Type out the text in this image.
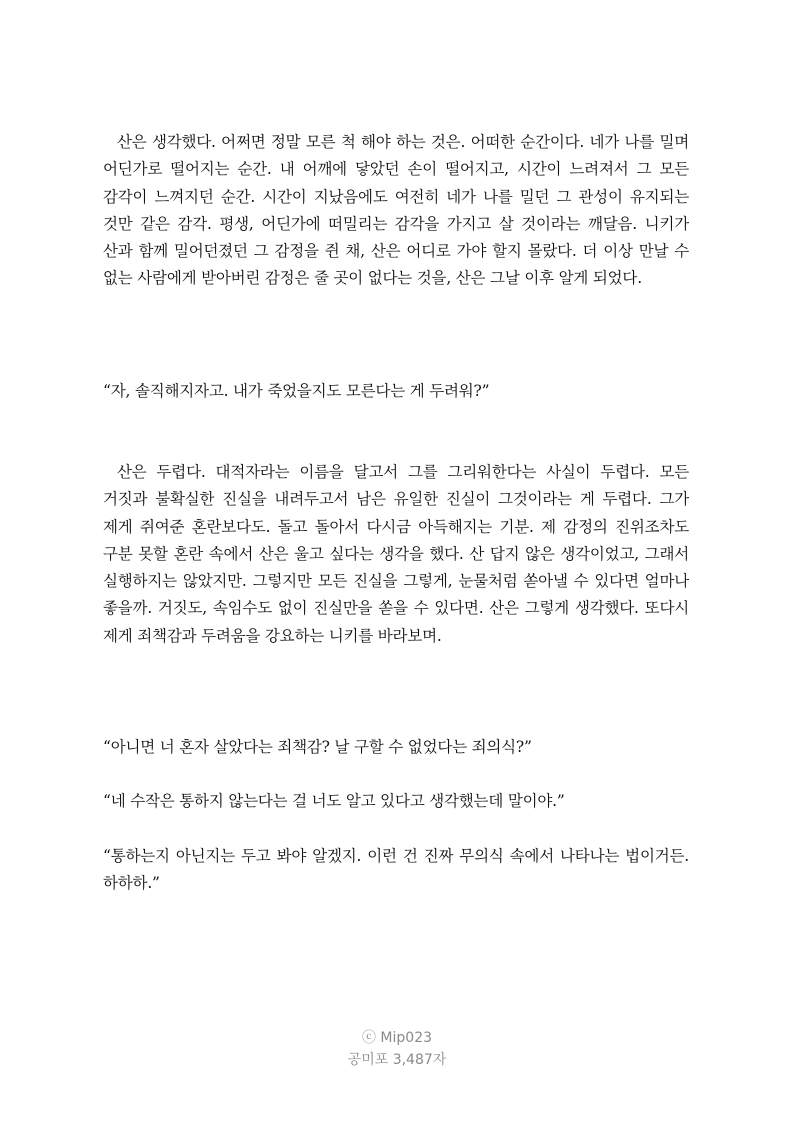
산은 생각했다. 어쩌면 정말 모른 척 해야 하는 것은. 어떠한 순간이다. 네가 나를 밀며 어딘가로 떨어지는 순간. 내 어깨에 닿았던 손이 떨어지고, 시간이 느려져서 그 모든 감각이 느껴지던 순간. 시간이 지났음에도 여전히 네가 나를 밀던 그 관성이 유지되는 것만 같은 감각. 평생, 어딘가에 떠밀리는 감각을 가지고 살 것이라는 깨달음. 니키가 산과 함께 밀어던졌던 그 감정을 쥔 채, 산은 어디로 가야 할지 몰랐다. 더 이상 만날 수 없는 사람에게 받아버린 감정은 줄 곳이 없다는 것을, 산은 그날 이후 알게 되었다.

“자, 솔직해지자고. 내가 죽었을지도 모른다는 게 두려워?”

산은 두렵다. 대적자라는 이름을 달고서 그를 그리워한다는 사실이 두렵다. 모든 거짓과 불확실한 진실을 내려두고서 남은 유일한 진실이 그것이라는 게 두렵다. 그가 제게 쥐여준 혼란보다도. 돌고 돌아서 다시금 아득해지는 기분. 제 감정의 진위조차도 구분 못할 혼란 속에서 산은 울고 싶다는 생각을 했다. 산 답지 않은 생각이었고, 그래서 실행하지는 않았지만. 그렇지만 모든 진실을 그렇게, 눈물처럼 쏟아낼 수 있다면 얼마나 좋을까. 거짓도, 속임수도 없이 진실만을 쏟을 수 있다면. 산은 그렇게 생각했다. 또다시 제게 죄책감과 두려움을 강요하는 니키를 바라보며.

“아니면 너 혼자 살았다는 죄책감? 날 구할 수 없었다는 죄의식?”

“네 수작은 통하지 않는다는 걸 너도 알고 있다고 생각했는데 말이야.”

“통하는지 아닌지는 두고 봐야 알겠지. 이런 건 진짜 무의식 속에서 나타나는 법이거든. 하하하.”

ⓒ Mip023
공미포 3,487자
